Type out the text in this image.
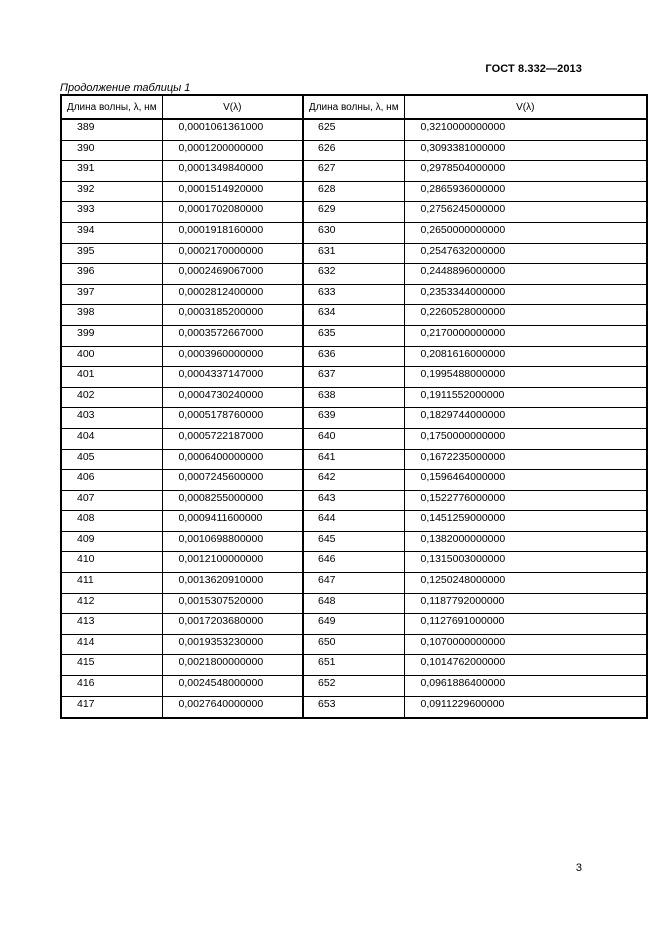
ГОСТ 8.332—2013
Продолжение таблицы 1
Длина волны, λ, нм	V(λ)	Длина волны, λ, нм	V(λ)
389	0,0001061361000	625	0,3210000000000
390	0,0001200000000	626	0,3093381000000
391	0,0001349840000	627	0,2978504000000
392	0,0001514920000	628	0,2865936000000
393	0,0001702080000	629	0,2756245000000
394	0,0001918160000	630	0,2650000000000
395	0,0002170000000	631	0,2547632000000
396	0,0002469067000	632	0,2448896000000
397	0,0002812400000	633	0,2353344000000
398	0,0003185200000	634	0,2260528000000
399	0,0003572667000	635	0,2170000000000
400	0,0003960000000	636	0,2081616000000
401	0,0004337147000	637	0,1995488000000
402	0,0004730240000	638	0,1911552000000
403	0,0005178760000	639	0,1829744000000
404	0,0005722187000	640	0,1750000000000
405	0,0006400000000	641	0,1672235000000
406	0,0007245600000	642	0,1596464000000
407	0,0008255000000	643	0,1522776000000
408	0,0009411600000	644	0,1451259000000
409	0,0010698800000	645	0,1382000000000
410	0,0012100000000	646	0,1315003000000
411	0,0013620910000	647	0,1250248000000
412	0,0015307520000	648	0,1187792000000
413	0,0017203680000	649	0,1127691000000
414	0,0019353230000	650	0,1070000000000
415	0,0021800000000	651	0,1014762000000
416	0,0024548000000	652	0,0961886400000
417	0,0027640000000	653	0,0911229600000
3
